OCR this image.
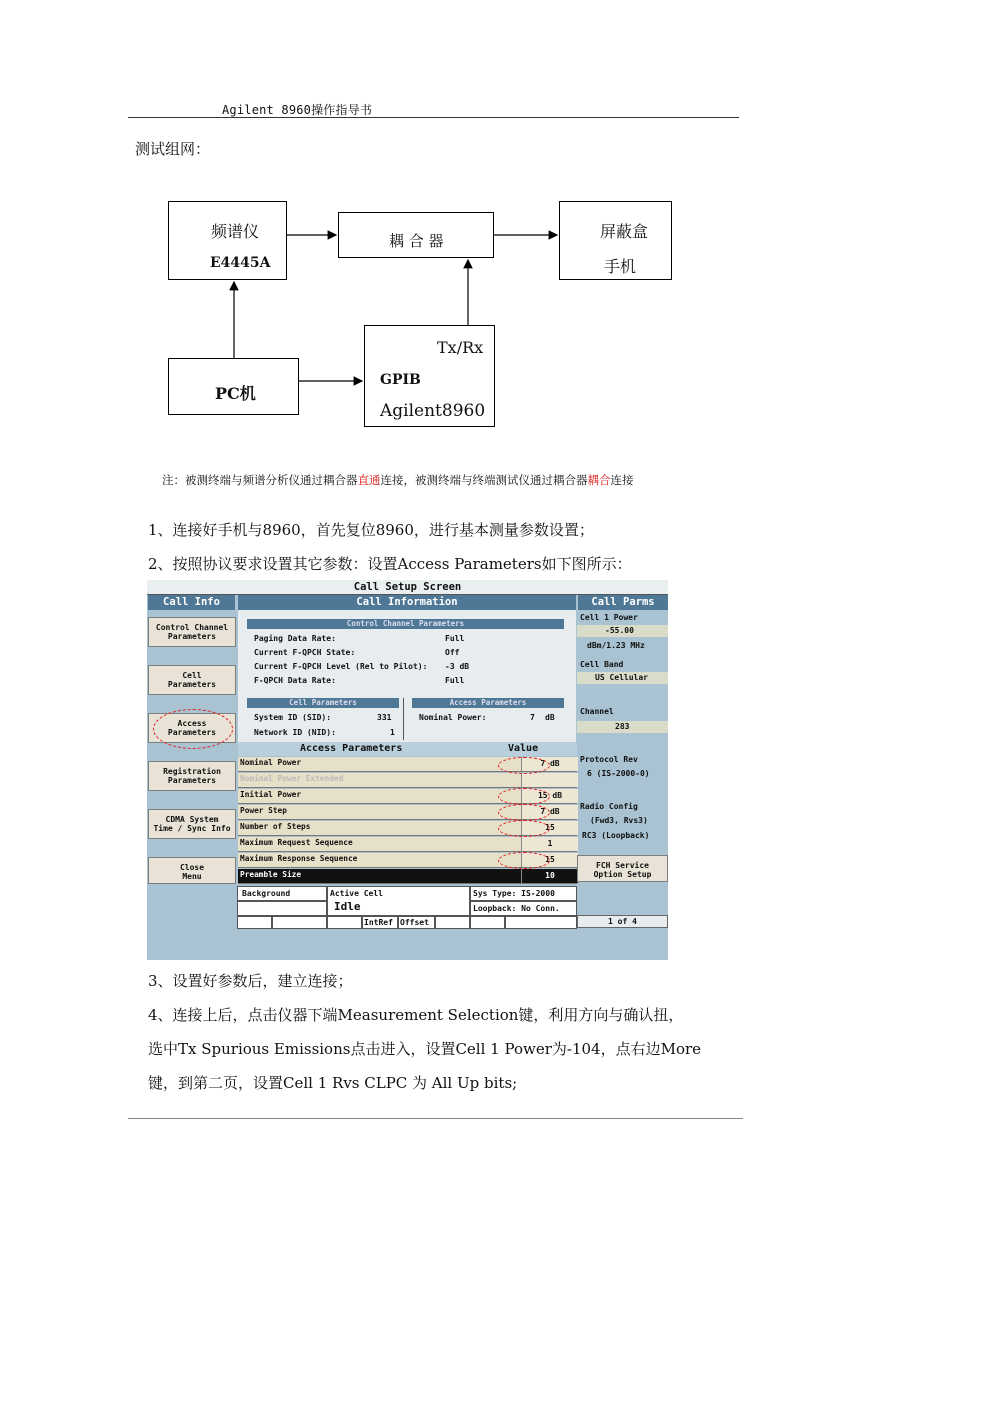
Agilent 8960操作指导书
测试组网：
频谱仪
E4445A
耦 合 器	屏蔽盒
手机
PC机
Tx/Rx
GPIB
Agilent8960
注：被测终端与频谱分析仪通过耦合器直通连接，被测终端与终端测试仪通过耦合器耦合连接
1、连接好手机与8960，首先复位8960，进行基本测量参数设置；
2、按照协议要求设置其它参数：设置Access Parameters如下图所示：
Call Setup Screen
Call Info
Control Channel
Parameters
Cell
Parameters
Access
Parameters
Registration
Parameters
CDMA System
Time / Sync Info
Close
Menu
Call Information
Control Channel Parameters
Paging Data Rate:	Full
Current F-QPCH State:	Off
Current F-QPCH Level (Rel to Pilot): -3 dB
F-QPCH Data Rate:	Full
Cell Parameters
System ID (SID):	331
Network ID (NID):	1
Access Parameters
Nominal Power:	7 dB
Access Parameters	Value
Nominal Power	7 dB
Nominal Power Extended
Initial Power	15 dB
Power Step	7 dB
Number of Steps	15
Maximum Request Sequence	1
Maximum Response Sequence	15
Preamble Size	10
Call Parms
Cell 1 Power
-55.00
dBm/1.23 MHz
Cell Band
US Cellular
Channel
283
Protocol Rev
6 (IS-2000-0)
Radio Config
(Fwd3, Rvs3)
RC3 (Loopback)
FCH Service
Option Setup
1 of 4
Background	Active Cell
Idle
Sys Type: IS-2000
Loopback: No Conn.
IntRef Offset
3、设置好参数后，建立连接；
4、连接上后，点击仪器下端Measurement Selection键，利用方向与确认扭，
选中Tx Spurious Emissions点击进入，设置Cell 1 Power为-104，点右边More
键，到第二页，设置Cell 1 Rvs CLPC 为 All Up bits;
